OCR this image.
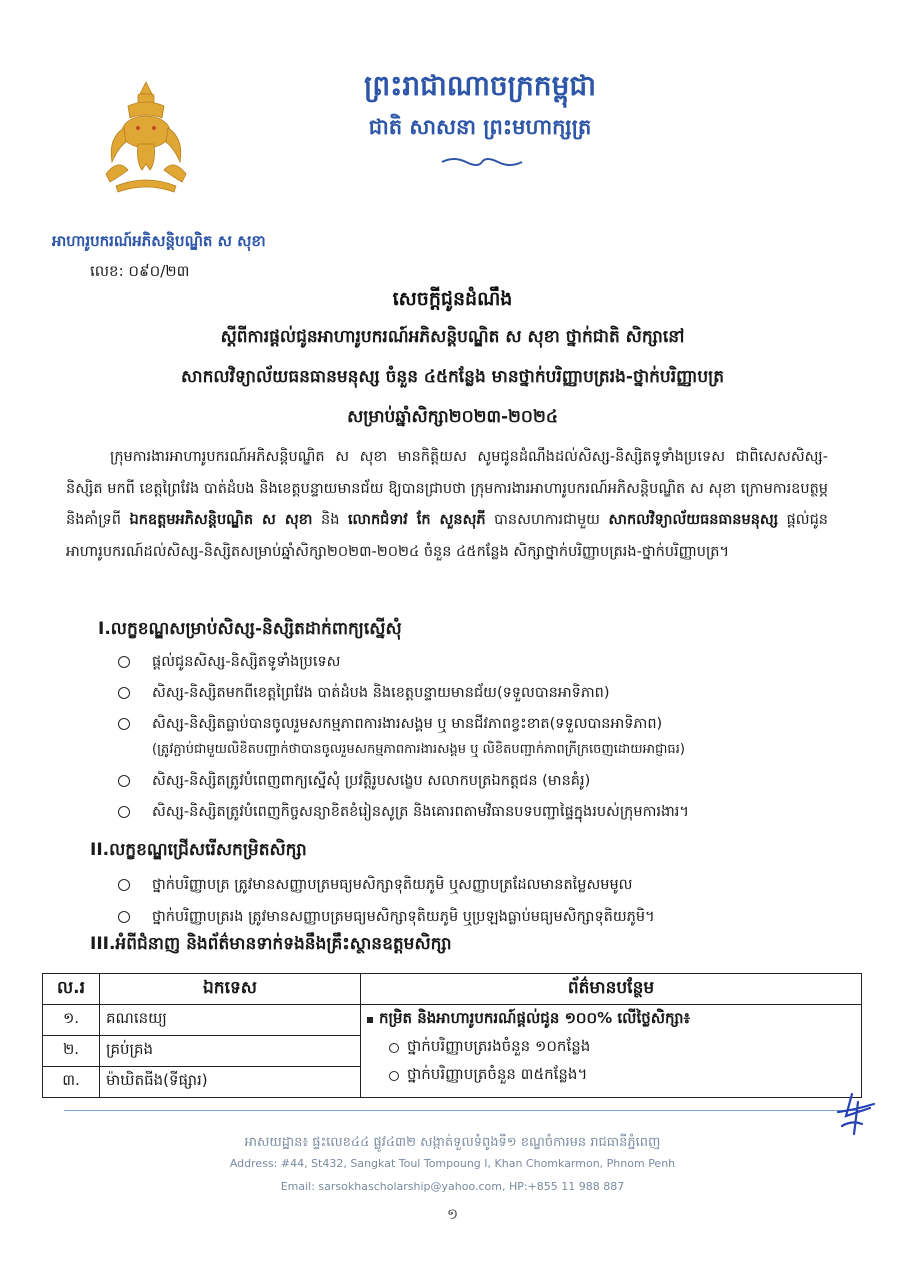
ព្រះរាជាណាចក្រកម្ពុជា
ជាតិ សាសនា ព្រះមហាក្សត្រ
អាហារូបករណ៍អភិសន្តិបណ្ឌិត ស សុខា
លេខ: ០៩០/២៣
សេចក្តីជូនដំណឹង
ស្តីពីការផ្តល់ជូនអាហារូបករណ៍អភិសន្តិបណ្ឌិត ស សុខា ថ្នាក់ជាតិ សិក្សានៅ
សាកលវិទ្យាល័យធនធានមនុស្ស ចំនួន ៤៥កន្លែង មានថ្នាក់បរិញ្ញាបត្ររង-ថ្នាក់បរិញ្ញាបត្រ
សម្រាប់ឆ្នាំសិក្សា២០២៣-២០២៤
ក្រុមការងារអាហារូបករណ៍អភិសន្តិបណ្ឌិត ស សុខា មានកិត្តិយស សូមជូនដំណឹងដល់សិស្ស-និស្សិតទូទាំងប្រទេស ជាពិសេសសិស្ស-និស្សិត មកពី ខេត្តព្រៃវែង បាត់ដំបង និងខេត្តបន្ទាយមានជ័យ ឱ្យបានជ្រាបថា ក្រុមការងារអាហារូបករណ៍អភិសន្តិបណ្ឌិត ស សុខា ក្រោមការឧបត្ថម្ភ និងគាំទ្រពី ឯកឧត្តមអភិសន្តិបណ្ឌិត ស សុខា និង លោកជំទាវ កែ សួនសុភី បានសហការជាមួយ សាកលវិទ្យាល័យធនធានមនុស្ស ផ្តល់ជូនអាហារូបករណ៍ដល់សិស្ស-និស្សិតសម្រាប់ឆ្នាំសិក្សា២០២៣-២០២៤ ចំនួន ៤៥កន្លែង សិក្សាថ្នាក់បរិញ្ញាបត្ររង-ថ្នាក់បរិញ្ញាបត្រ។
I.លក្ខខណ្ឌសម្រាប់សិស្ស-និស្សិតដាក់ពាក្យស្នើសុំ
ផ្តល់ជូនសិស្ស-និស្សិតទូទាំងប្រទេស
សិស្ស-និស្សិតមកពីខេត្តព្រៃវែង បាត់ដំបង និងខេត្តបន្ទាយមានជ័យ(ទទួលបានអាទិភាព)
សិស្ស-និស្សិតធ្លាប់បានចូលរួមសកម្មភាពការងារសង្គម ឬ មានជីវភាពខ្វះខាត(ទទួលបានអាទិភាព)
(ត្រូវភ្ជាប់ជាមួយលិខិតបញ្ជាក់ថាបានចូលរួមសកម្មភាពការងារសង្គម ឬ លិខិតបញ្ជាក់ភាពក្រីក្រចេញដោយអាជ្ញាធរ)
សិស្ស-និស្សិតត្រូវបំពេញពាក្យស្នើសុំ ប្រវត្តិរូបសង្ខេប សលាកបត្រឯកត្តជន (មានគំរូ)
សិស្ស-និស្សិតត្រូវបំពេញកិច្ចសន្យាខិតខំរៀនសូត្រ និងគោរពតាមវិធានបទបញ្ជាផ្ទៃក្នុងរបស់ក្រុមការងារ។
II.លក្ខខណ្ឌជ្រើសរើសកម្រិតសិក្សា
ថ្នាក់បរិញ្ញាបត្រ ត្រូវមានសញ្ញាបត្រមធ្យមសិក្សាទុតិយភូមិ ឬសញ្ញាបត្រដែលមានតម្លៃសមមូល
ថ្នាក់បរិញ្ញាបត្ររង ត្រូវមានសញ្ញាបត្រមធ្យមសិក្សាទុតិយភូមិ ឬប្រឡងធ្លាប់មធ្យមសិក្សាទុតិយភូមិ។
III.អំពីជំនាញ និងព័ត៌មានទាក់ទងនឹងគ្រឹះស្ថានឧត្តមសិក្សា
ល.រ	ឯកទេស	ព័ត៌មានបន្ថែម
១.	គណនេយ្យ	កម្រិត និងអាហារូបករណ៍ផ្តល់ជូន ១០០% លើថ្លៃសិក្សា៖
ថ្នាក់បរិញ្ញាបត្ររងចំនួន ១០កន្លែង
ថ្នាក់បរិញ្ញាបត្រចំនួន ៣៥កន្លែង។

២.	គ្រប់គ្រង	
៣.	ម៉ាឃិតធីង(ទីផ្សារ)	
អាសយដ្ឋាន៖ ផ្ទះលេខ៤៤ ផ្លូវ៤៣២ សង្កាត់ទួលទំពូងទី១ ខណ្ឌចំការមន រាជធានីភ្នំពេញ
Address: #44, St432, Sangkat Toul Tompoung I, Khan Chomkarmon, Phnom Penh
Email: sarsokhascholarship@yahoo.com, HP:+855 11 988 887
១
